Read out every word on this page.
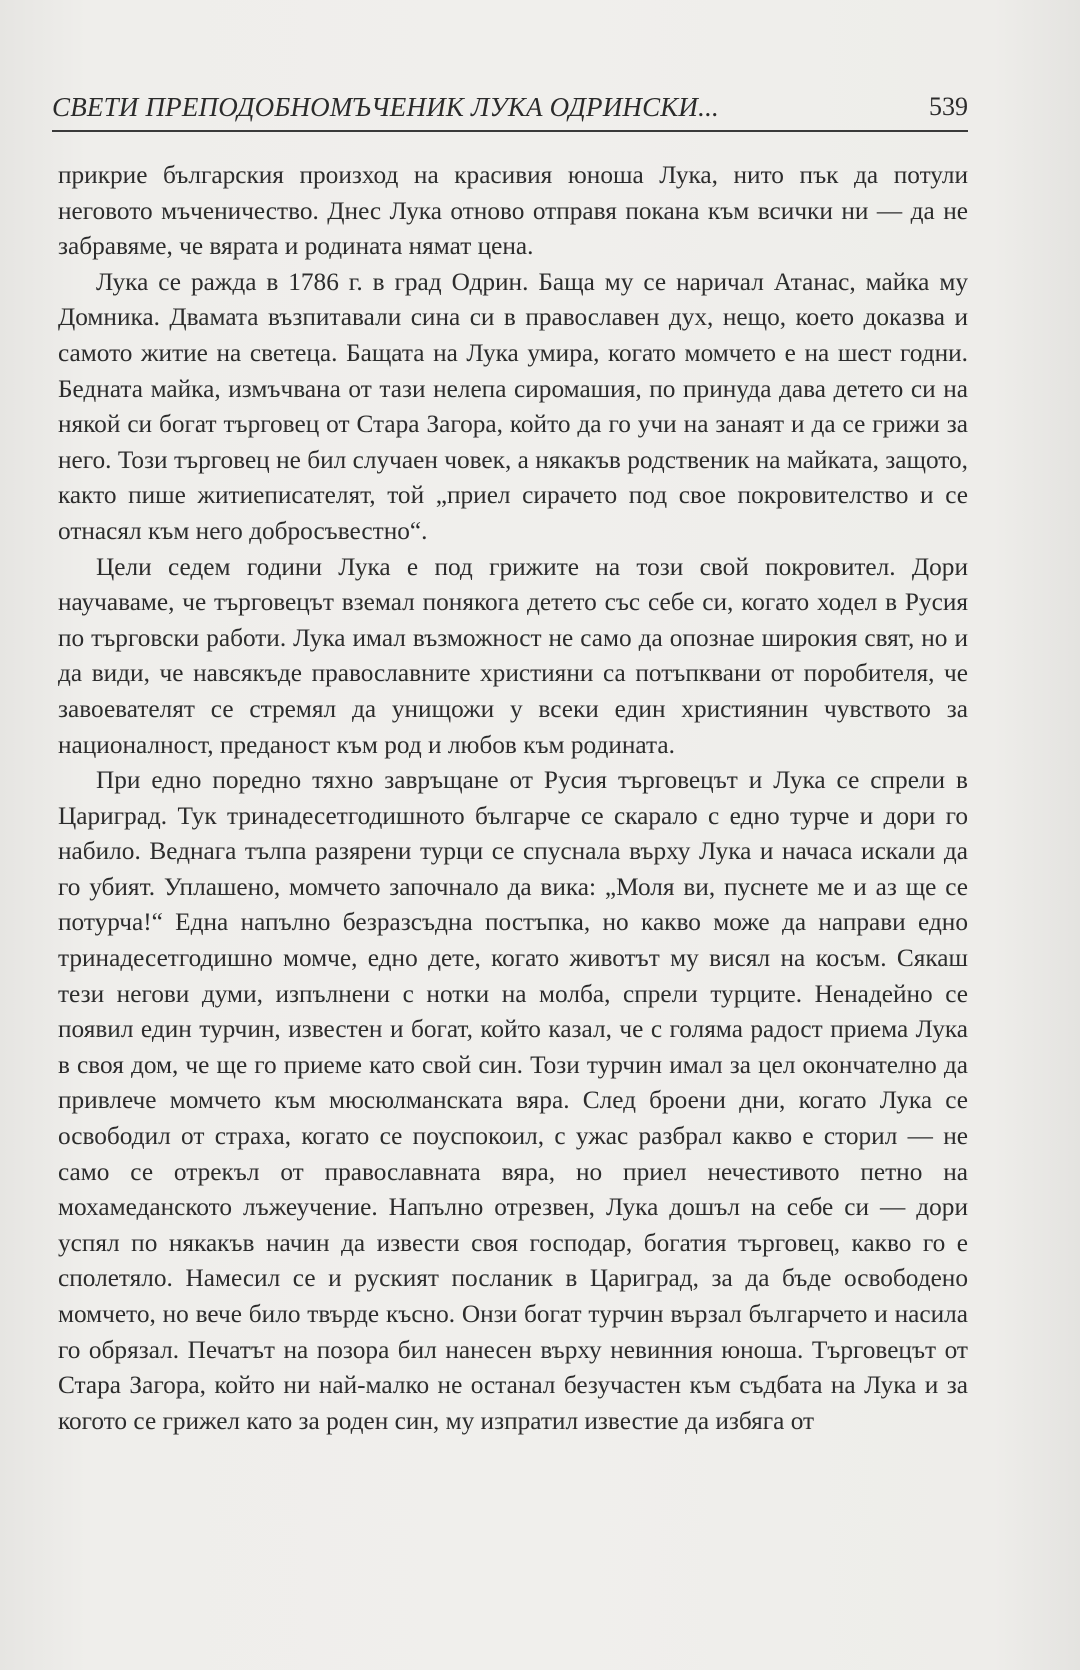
СВЕТИ ПРЕПОДОБНОМЪЧЕНИК ЛУКА ОДРИНСКИ...	539

прикрие българския произход на красивия юноша Лука, нито пък да потули неговото мъченичество. Днес Лука отново отправя покана към всички ни — да не забравяме, че вярата и родината нямат цена.

Лука се ражда в 1786 г. в град Одрин. Баща му се наричал Атанас, майка му Домника. Двамата възпитавали сина си в православен дух, нещо, което доказва и самото житие на светеца. Бащата на Лука умира, когато момчето е на шест годни. Бедната майка, измъчвана от тази нелепа сиромашия, по принуда дава детето си на някой си богат търговец от Стара Загора, който да го учи на занаят и да се грижи за него. Този търговец не бил случаен човек, а някакъв родственик на майката, защото, както пише житиеписателят, той „приел сирачето под свое покровителство и се отнасял към него добросъвестно“.

Цели седем години Лука е под грижите на този свой покровител. Дори научаваме, че търговецът вземал понякога детето със себе си, когато ходел в Русия по търговски работи. Лука имал възможност не само да опознае широкия свят, но и да види, че навсякъде православните християни са потъпквани от поробителя, че завоевателят се стремял да унищожи у всеки един християнин чувството за националност, преданост към род и любов към родината.

При едно поредно тяхно завръщане от Русия търговецът и Лука се спрели в Цариград. Тук тринадесетгодишното българче се скарало с едно турче и дори го набило. Веднага тълпа разярени турци се спуснала върху Лука и начаса искали да го убият. Уплашено, момчето започнало да вика: „Моля ви, пуснете ме и аз ще се потурча!“ Една напълно безразсъдна постъпка, но какво може да направи едно тринадесетгодишно момче, едно дете, когато животът му висял на косъм. Сякаш тези негови думи, изпълнени с нотки на молба, спрели турците. Ненадейно се появил един турчин, известен и богат, който казал, че с голяма радост приема Лука в своя дом, че ще го приеме като свой син. Този турчин имал за цел окончателно да привлече момчето към мюсюлманската вяра. След броени дни, когато Лука се освободил от страха, когато се поуспокоил, с ужас разбрал какво е сторил — не само се отрекъл от православната вяра, но приел нечестивото петно на мохамеданското лъжеучение. Напълно отрезвен, Лука дошъл на себе си — дори успял по някакъв начин да извести своя господар, богатия търговец, какво го е сполетяло. Намесил се и руският посланик в Цариград, за да бъде освободено момчето, но вече било твърде късно. Онзи богат турчин вързал българчето и насила го обрязал. Печатът на позора бил нанесен върху невинния юноша. Търговецът от Стара Загора, който ни най-малко не останал безучастен към съдбата на Лука и за когото се грижел като за роден син, му изпратил известие да избяга от
